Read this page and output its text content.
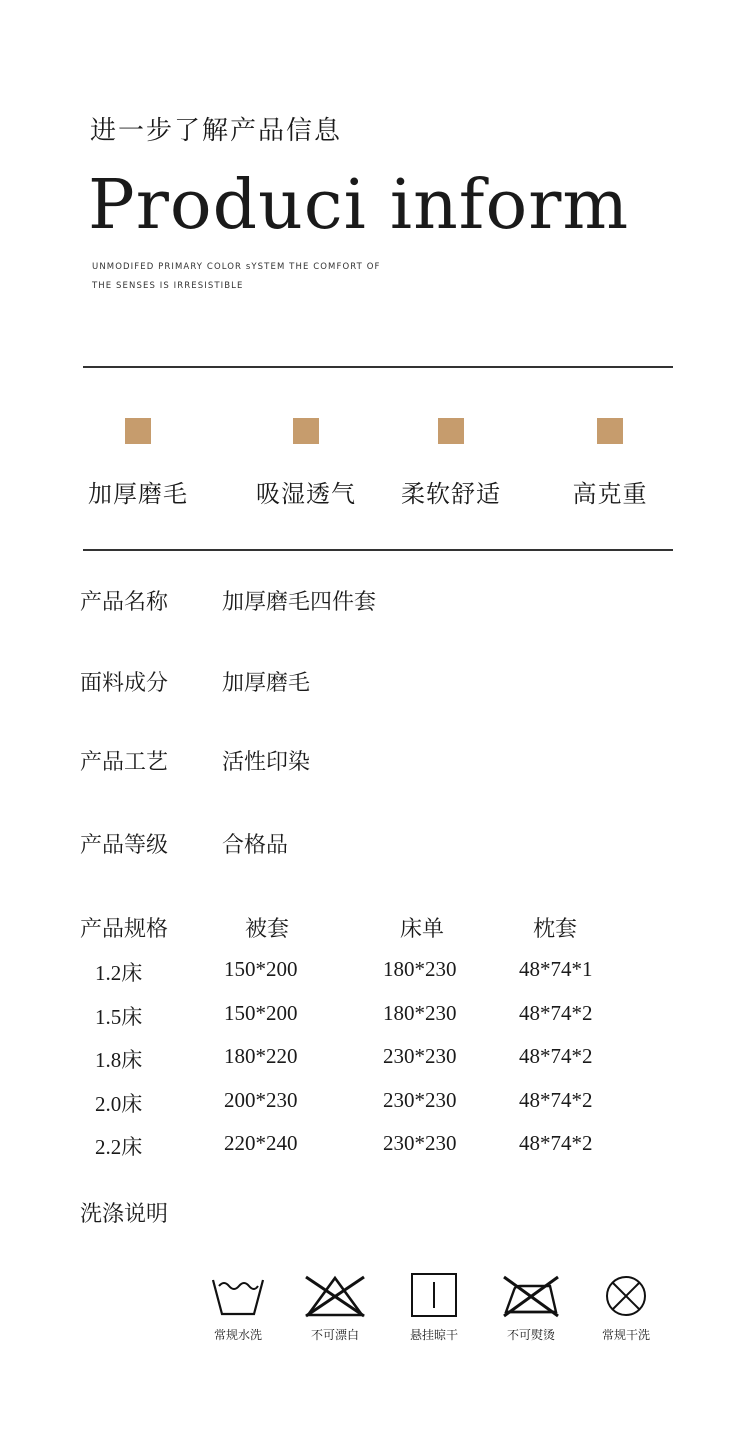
进一步了解产品信息
Produci inform
UNMODIFED PRIMARY COLOR sYSTEM THE COMFORT OF
THE SENSES IS IRRESISTIBLE
加厚磨毛	吸湿透气	柔软舒适	高克重
产品名称 加厚磨毛四件套
面料成分 加厚磨毛
产品工艺 活性印染
产品等级 合格品
产品规格	被套	床单	枕套
1.2床	150*200	180*230	48*74*1
1.5床	150*200	180*230	48*74*2
1.8床	180*220	230*230	48*74*2
2.0床	200*230	230*230	48*74*2
2.2床	220*240	230*230	48*74*2
洗涤说明
常规水洗	不可漂白	悬挂晾干	不可熨烫	常规干洗
